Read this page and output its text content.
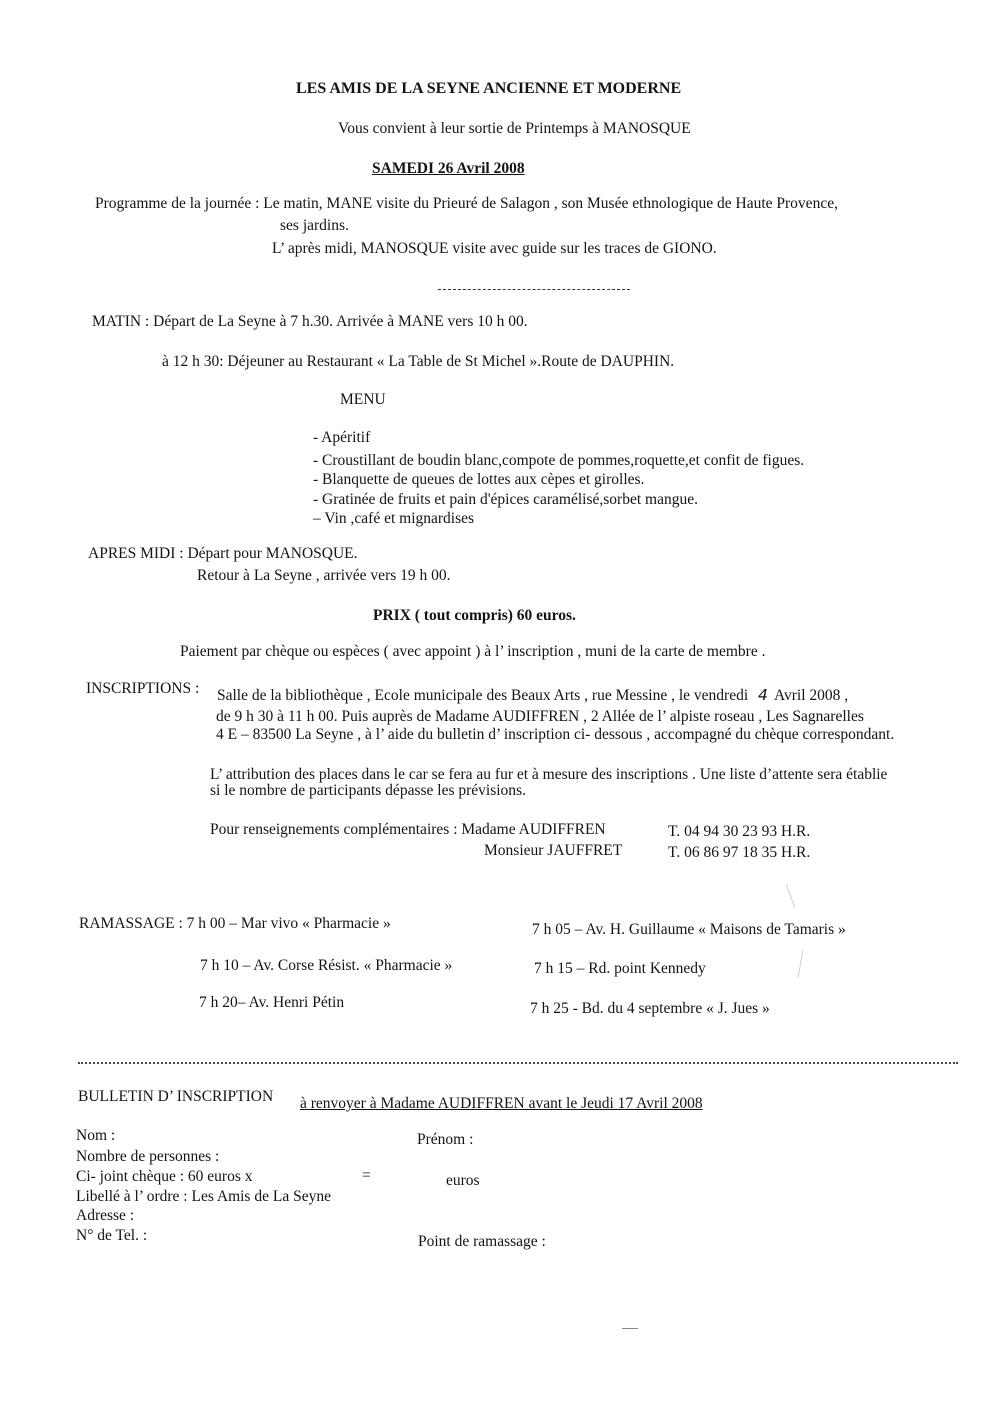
LES AMIS DE LA SEYNE ANCIENNE ET MODERNE
Vous convient à leur sortie de Printemps à MANOSQUE
SAMEDI 26 Avril 2008
Programme de la journée : Le matin, MANE visite du Prieuré de Salagon , son Musée ethnologique de Haute Provence,
ses jardins.
L’ après midi, MANOSQUE visite avec guide sur les traces de GIONO.
MATIN : Départ de La Seyne à 7 h.30. Arrivée à MANE vers 10 h 00.
à 12 h 30: Déjeuner au Restaurant « La Table de St Michel ».Route de DAUPHIN.
MENU
- Apéritif
- Croustillant de boudin blanc,compote de pommes,roquette,et confit de figues.
- Blanquette de queues de lottes aux cèpes et girolles.
- Gratinée de fruits et pain d'épices caramélisé,sorbet mangue.
– Vin ,café et mignardises
APRES MIDI : Départ pour MANOSQUE.
Retour à La Seyne , arrivée vers 19 h 00.
PRIX ( tout compris) 60 euros.
Paiement par chèque ou espèces ( avec appoint ) à l’ inscription , muni de la carte de membre .
INSCRIPTIONS : Salle de la bibliothèque , Ecole municipale des Beaux Arts , rue Messine , le vendredi 4 Avril 2008 ,
de 9 h 30 à 11 h 00. Puis auprès de Madame AUDIFFREN , 2 Allée de l’ alpiste roseau , Les Sagnarelles
4 E – 83500 La Seyne , à l’ aide du bulletin d’ inscription ci- dessous , accompagné du chèque correspondant.
L’ attribution des places dans le car se fera au fur et à mesure des inscriptions . Une liste d’attente sera établie
si le nombre de participants dépasse les prévisions.
Pour renseignements complémentaires : Madame AUDIFFREN	T. 04 94 30 23 93 H.R.
Monsieur JAUFFRET	T. 06 86 97 18 35 H.R.
RAMASSAGE : 7 h 00 – Mar vivo « Pharmacie »	7 h 05 – Av. H. Guillaume « Maisons de Tamaris »
7 h 10 – Av. Corse Résist. « Pharmacie »	7 h 15 – Rd. point Kennedy
7 h 20– Av. Henri Pétin	7 h 25 - Bd. du 4 septembre « J. Jues »
BULLETIN D’ INSCRIPTION à renvoyer à Madame AUDIFFREN avant le Jeudi 17 Avril 2008
Nom :	Prénom :
Nombre de personnes :
Ci- joint chèque : 60 euros x	=	euros
Libellé à l’ ordre : Les Amis de La Seyne
Adresse :
N° de Tel. :	Point de ramassage :
